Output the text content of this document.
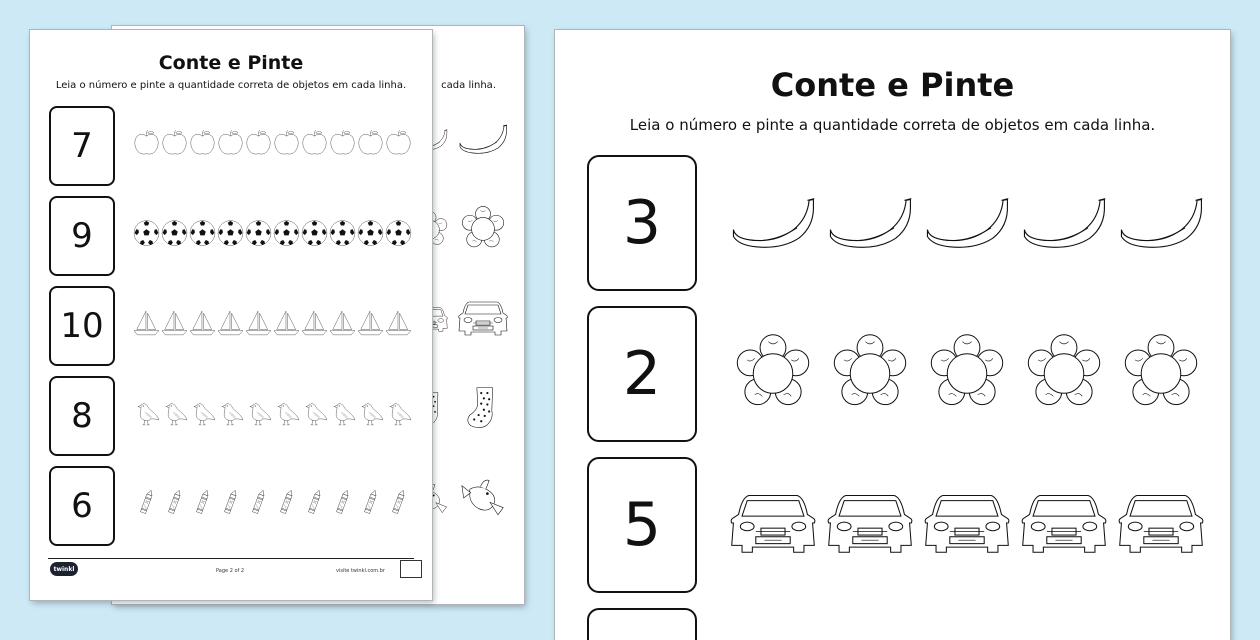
cada linha.
Conte e Pinte
Leia o número e pinte a quantidade correta de objetos em cada linha.
7
9
10
8
6
twinkl	Page 2 of 2	visite twinkl.com.br
Conte e Pinte
Leia o número e pinte a quantidade correta de objetos em cada linha.
3
2
5
